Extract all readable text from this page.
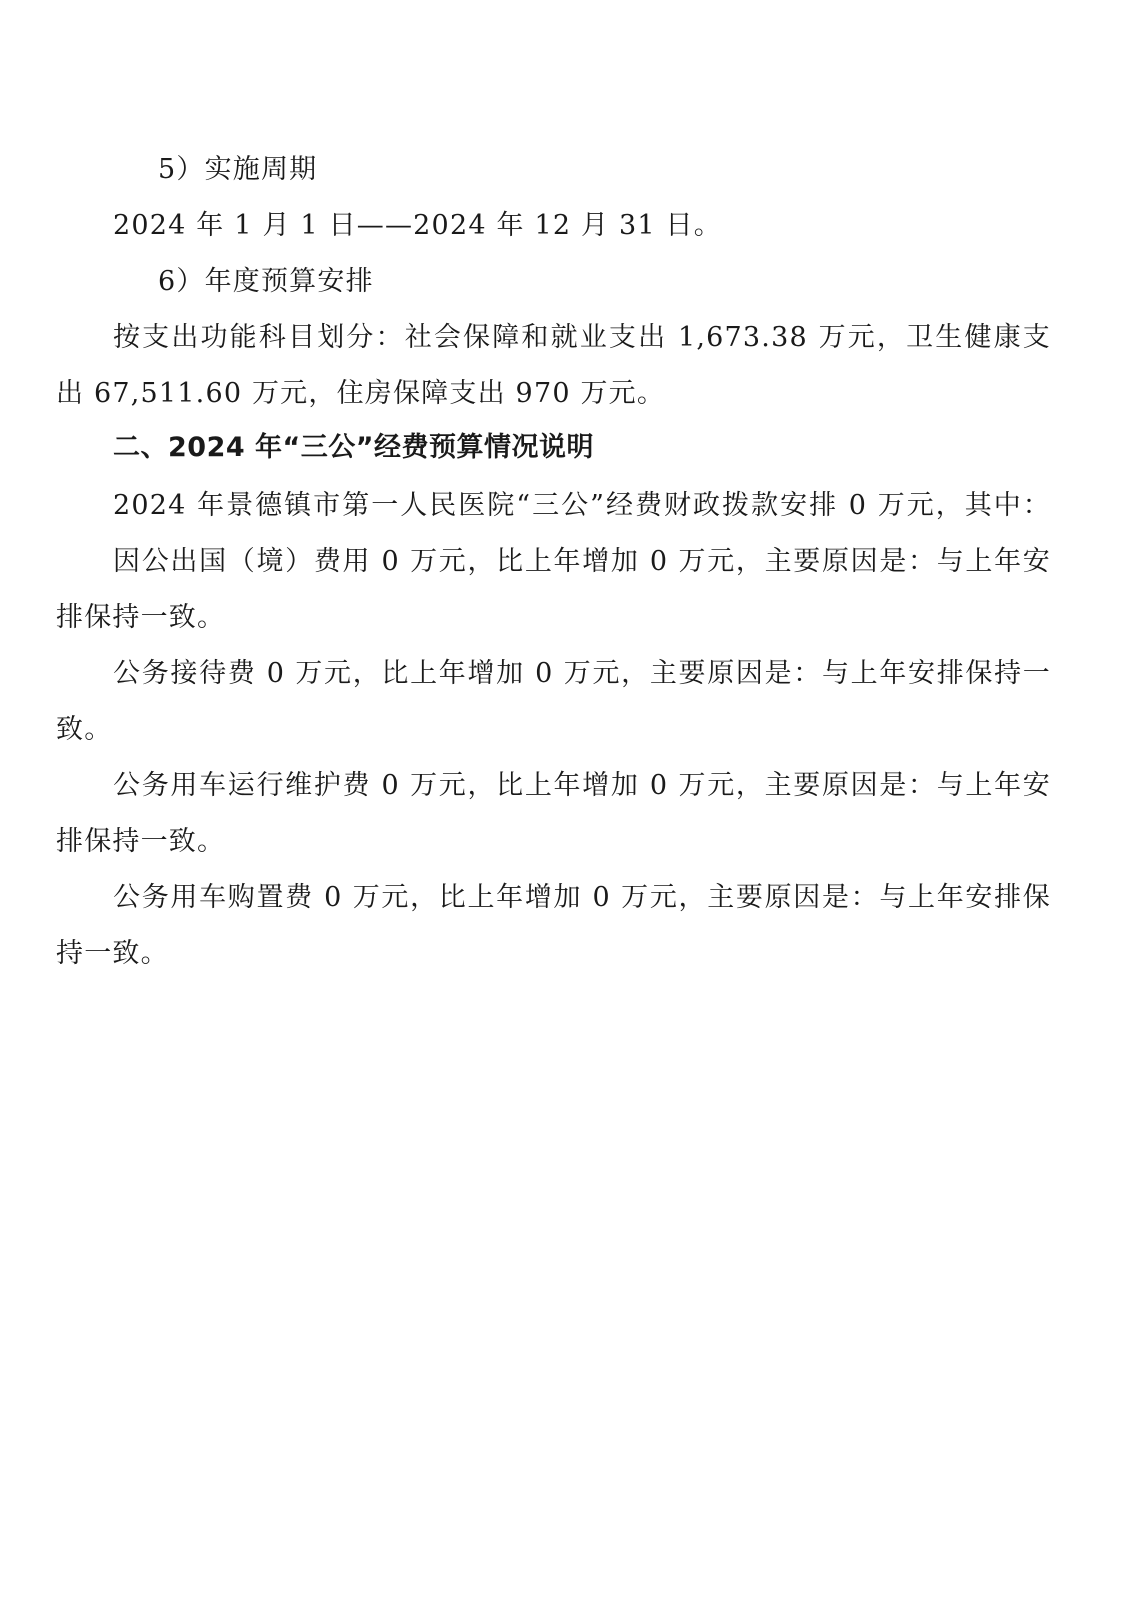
5）实施周期
2024 年 1 月 1 日——2024 年 12 月 31 日。
6）年度预算安排
按支出功能科目划分：社会保障和就业支出 1,673.38 万元，卫生健康支
出 67,511.60 万元，住房保障支出 970 万元。
二、2024 年“三公”经费预算情况说明
2024 年景德镇市第一人民医院“三公”经费财政拨款安排 0 万元，其中：
因公出国（境）费用 0 万元，比上年增加 0 万元，主要原因是：与上年安
排保持一致。
公务接待费 0 万元，比上年增加 0 万元，主要原因是：与上年安排保持一
致。
公务用车运行维护费 0 万元，比上年增加 0 万元，主要原因是：与上年安
排保持一致。
公务用车购置费 0 万元，比上年增加 0 万元，主要原因是：与上年安排保
持一致。
